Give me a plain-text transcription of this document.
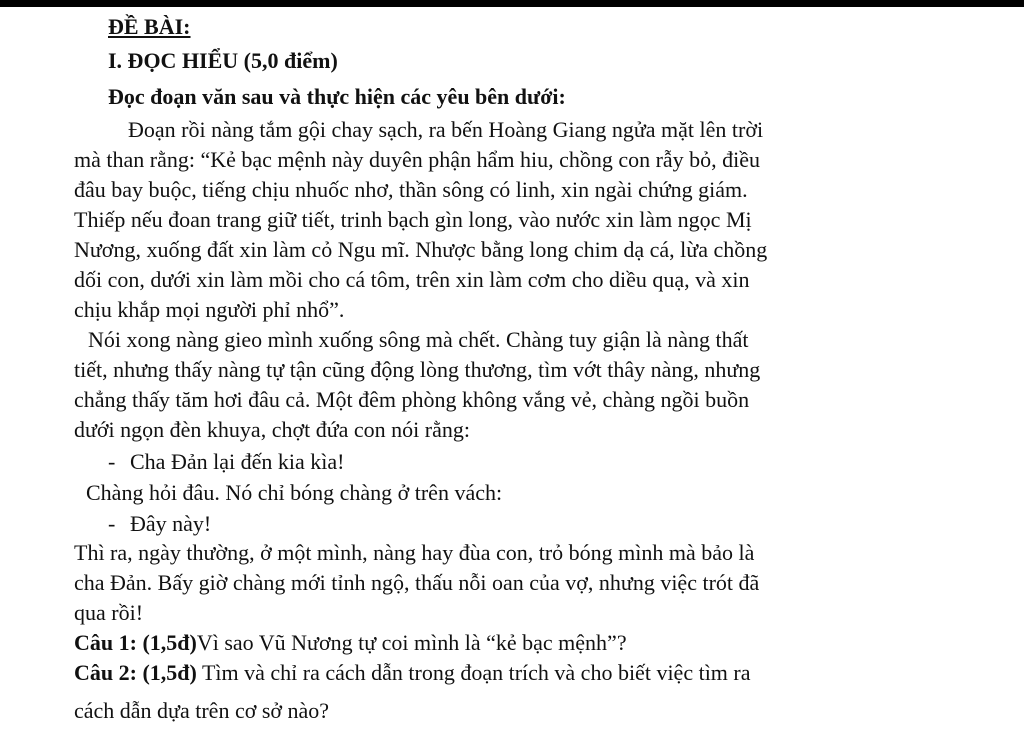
ĐỀ BÀI:
I. ĐỌC HIỂU (5,0 điểm)
Đọc đoạn văn sau và thực hiện các yêu bên dưới:
Đoạn rồi nàng tắm gội chay sạch, ra bến Hoàng Giang ngửa mặt lên trời
mà than rằng: “Kẻ bạc mệnh này duyên phận hẩm hiu, chồng con rẫy bỏ, điều
đâu bay buộc, tiếng chịu nhuốc nhơ, thần sông có linh, xin ngài chứng giám.
Thiếp nếu đoan trang giữ tiết, trinh bạch gìn long, vào nước xin làm ngọc Mị
Nương, xuống đất xin làm cỏ Ngu mĩ. Nhược bằng long chim dạ cá, lừa chồng
dối con, dưới xin làm mồi cho cá tôm, trên xin làm cơm cho diều quạ, và xin
chịu khắp mọi người phỉ nhổ”.
Nói xong nàng gieo mình xuống sông mà chết. Chàng tuy giận là nàng thất
tiết, nhưng thấy nàng tự tận cũng động lòng thương, tìm vớt thây nàng, nhưng
chẳng thấy tăm hơi đâu cả. Một đêm phòng không vắng vẻ, chàng ngồi buồn
dưới ngọn đèn khuya, chợt đứa con nói rằng:
- Cha Đản lại đến kia kìa!
Chàng hỏi đâu. Nó chỉ bóng chàng ở trên vách:
- Đây này!
Thì ra, ngày thường, ở một mình, nàng hay đùa con, trỏ bóng mình mà bảo là
cha Đản. Bấy giờ chàng mới tỉnh ngộ, thấu nỗi oan của vợ, nhưng việc trót đã
qua rồi!
Câu 1: (1,5đ)Vì sao Vũ Nương tự coi mình là “kẻ bạc mệnh”?
Câu 2: (1,5đ) Tìm và chỉ ra cách dẫn trong đoạn trích và cho biết việc tìm ra
cách dẫn dựa trên cơ sở nào?
